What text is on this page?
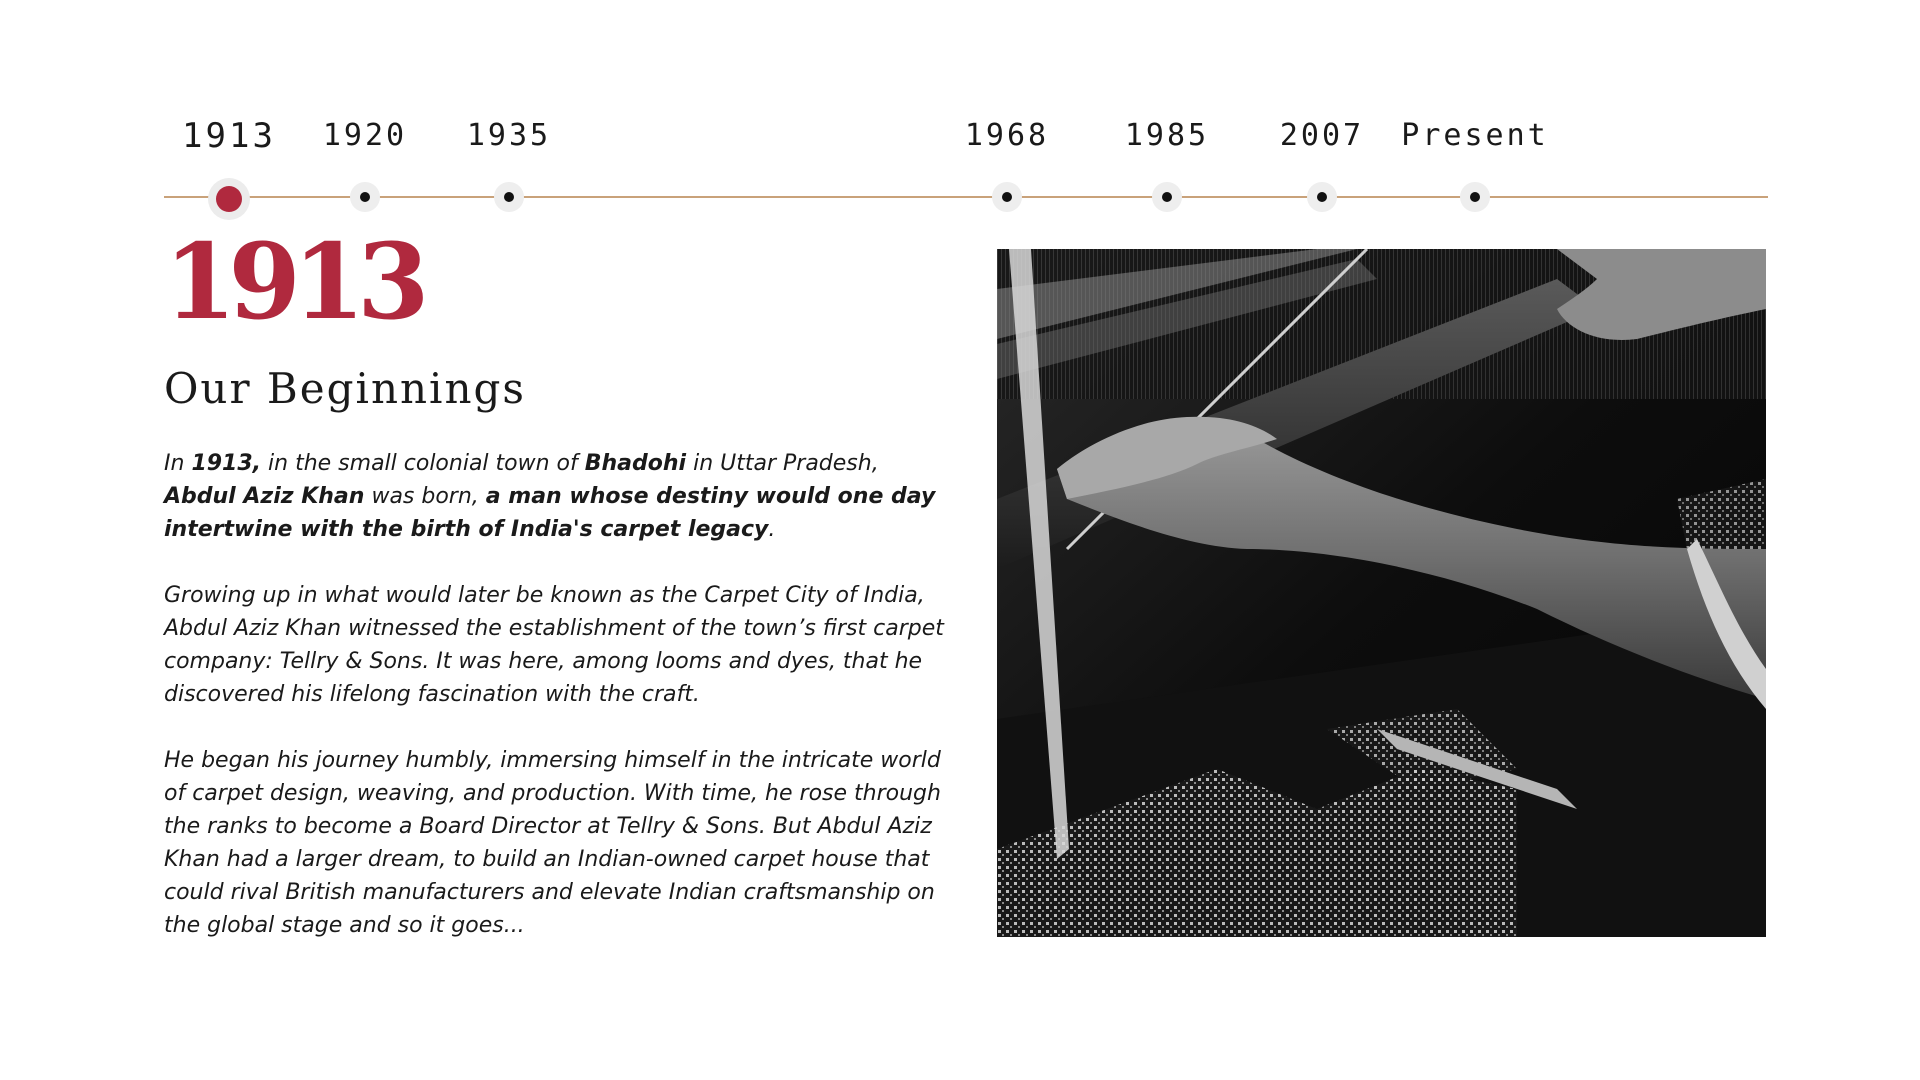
1913 1920 1935	1968	1985 2007 Present
1913
Our Beginnings

In 1913, in the small colonial town of Bhadohi in Uttar Pradesh, Abdul Aziz Khan was born, a man whose destiny would one day intertwine with the birth of India's carpet legacy.

Growing up in what would later be known as the Carpet City of India, Abdul Aziz Khan witnessed the establishment of the town’s first carpet company: Tellry & Sons. It was here, among looms and dyes, that he discovered his lifelong fascination with the craft.

He began his journey humbly, immersing himself in the intricate world of carpet design, weaving, and production. With time, he rose through the ranks to become a Board Director at Tellry & Sons. But Abdul Aziz Khan had a larger dream, to build an Indian-owned carpet house that could rival British manufacturers and elevate Indian craftsmanship on the global stage and so it goes...
